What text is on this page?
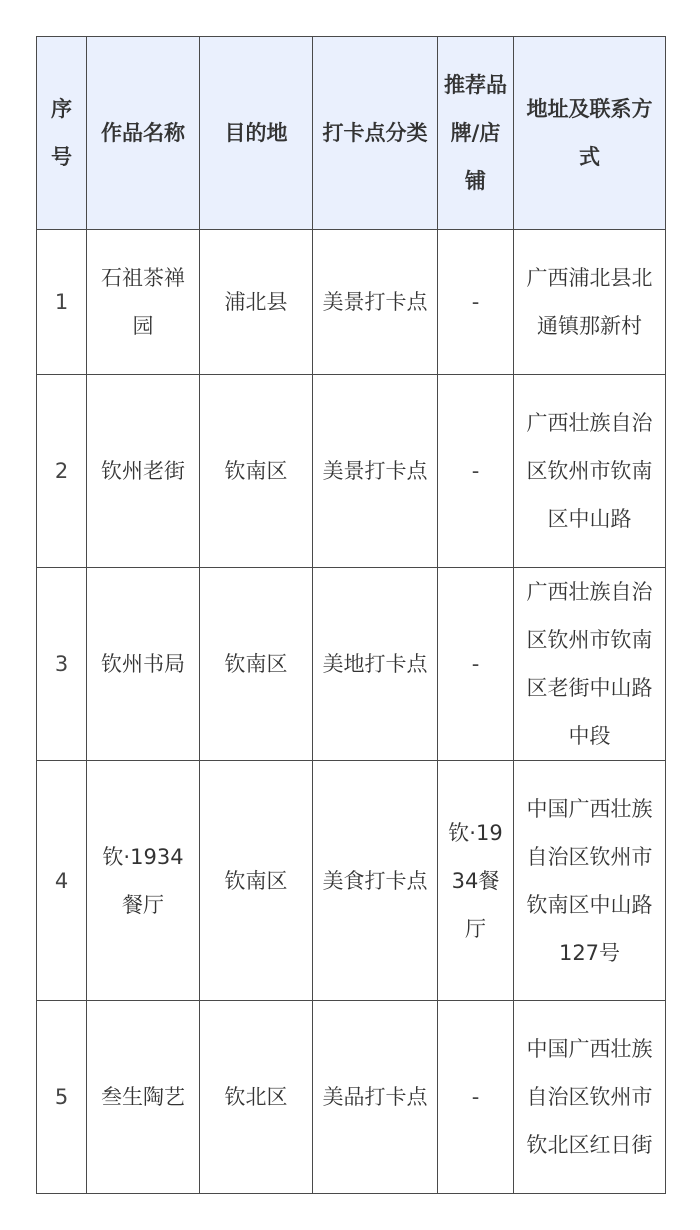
序号	作品名称	目的地	打卡点分类	推荐品牌/店铺	地址及联系方式
1	石祖茶禅园	浦北县	美景打卡点	-	广西浦北县北通镇那新村
2	钦州老街	钦南区	美景打卡点	-	广西壮族自治区钦州市钦南区中山路
3	钦州书局	钦南区	美地打卡点	-	广西壮族自治区钦州市钦南区老街中山路中段
4	钦·1934餐厅	钦南区	美食打卡点	钦·1934餐厅	中国广西壮族自治区钦州市钦南区中山路127号
5	叁生陶艺	钦北区	美品打卡点	-	中国广西壮族自治区钦州市钦北区红日街
